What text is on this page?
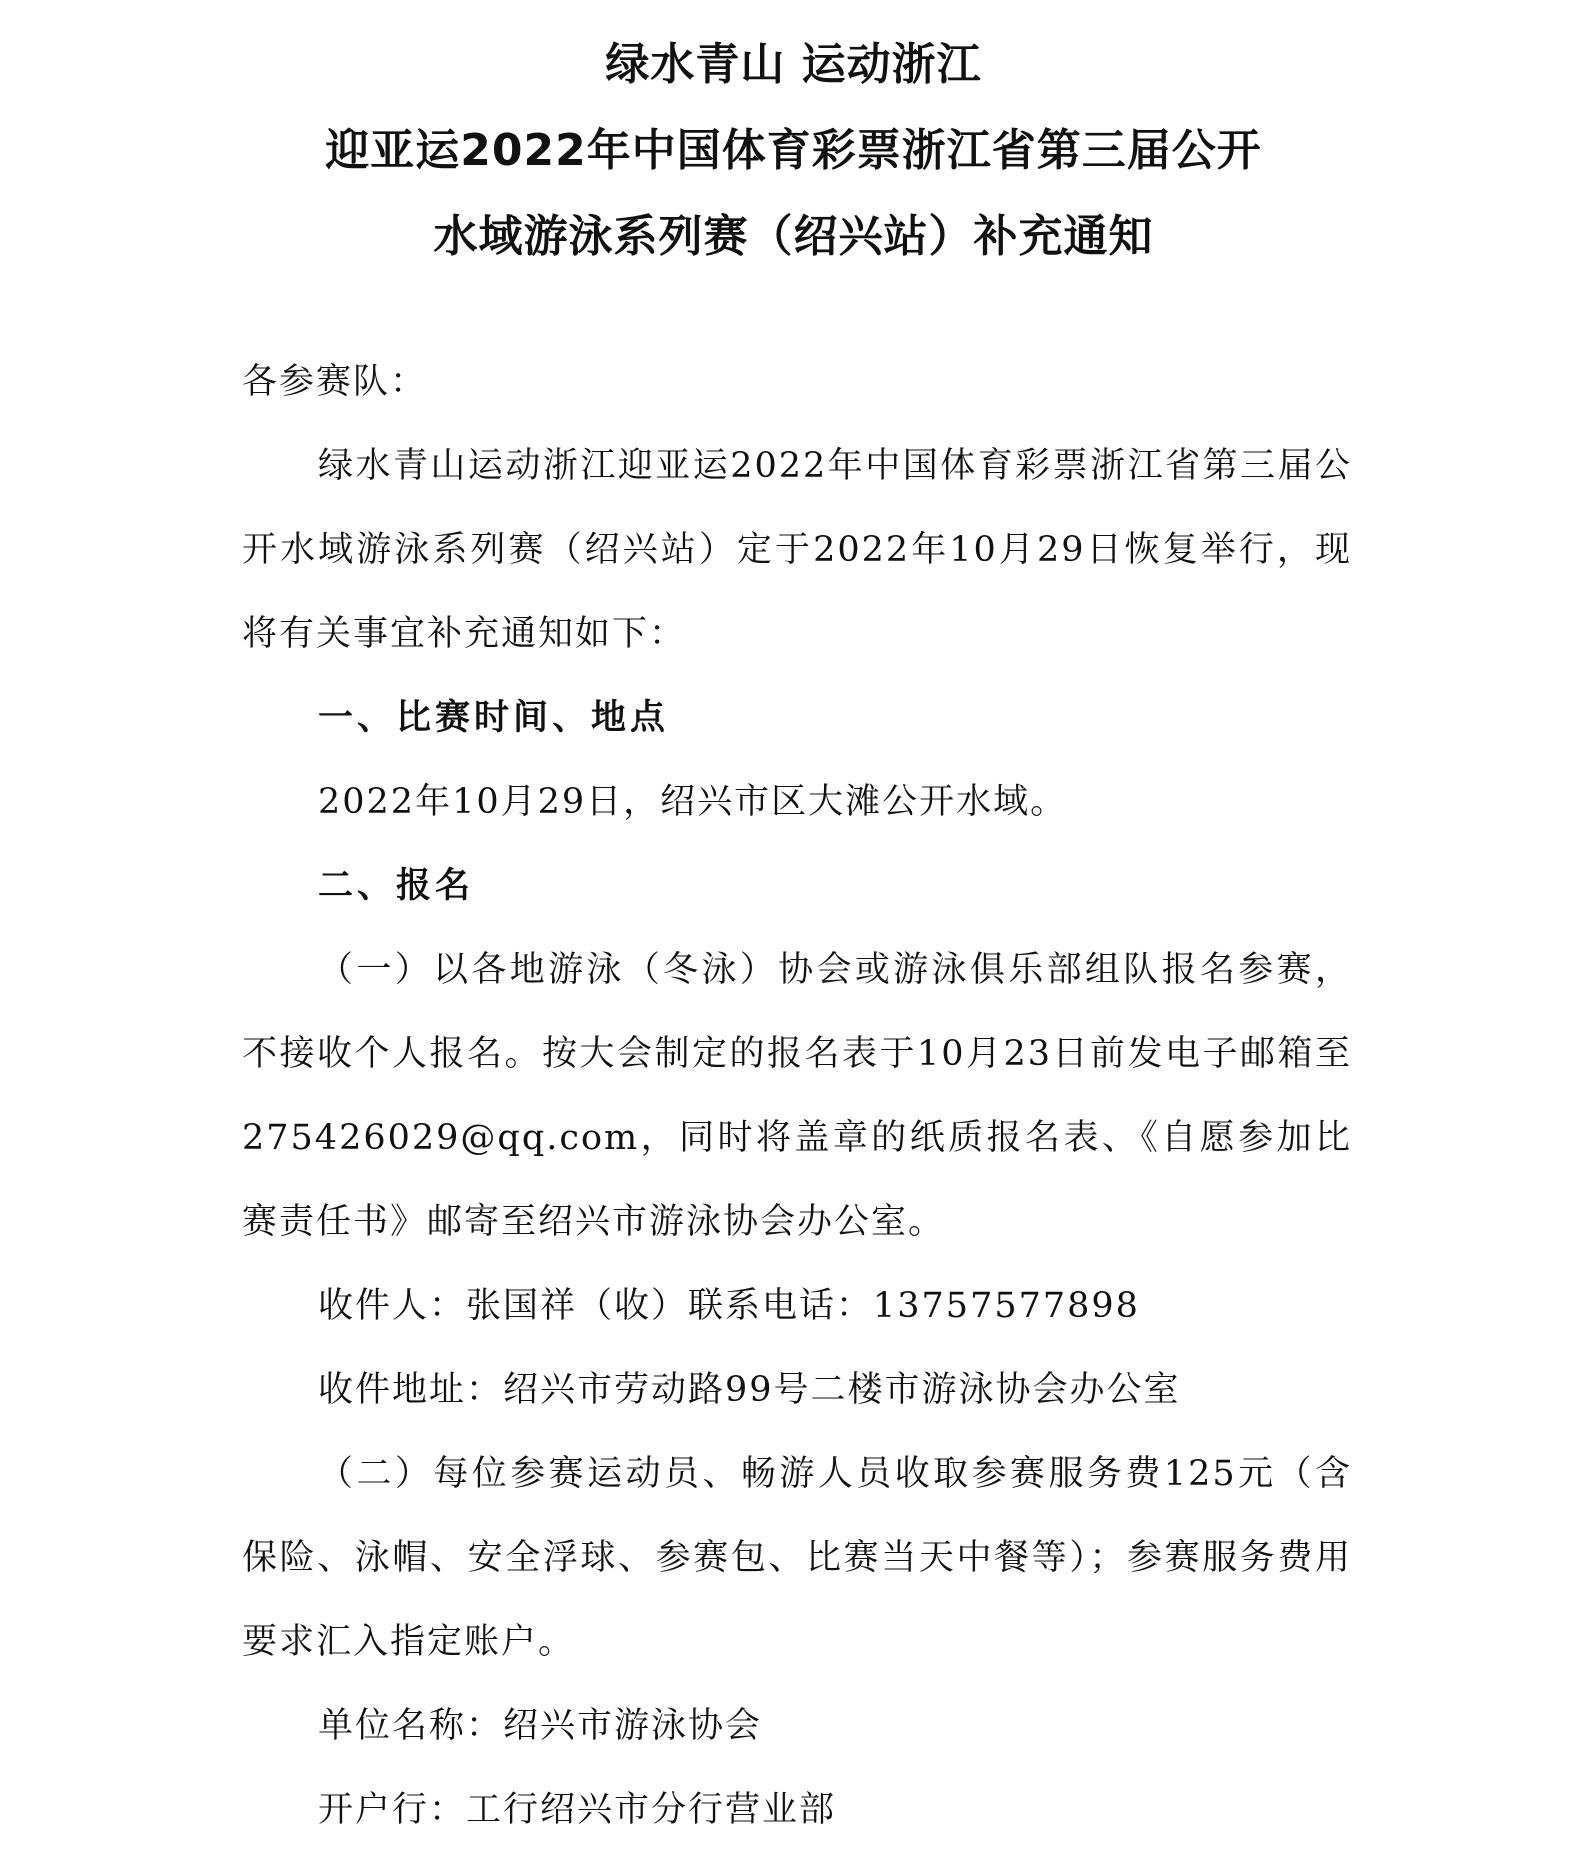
绿水青山 运动浙江
迎亚运2022年中国体育彩票浙江省第三届公开
水域游泳系列赛（绍兴站）补充通知

各参赛队：

绿水青山运动浙江迎亚运2022年中国体育彩票浙江省第三届公开水域游泳系列赛（绍兴站）定于2022年10月29日恢复举行，现将有关事宜补充通知如下：

一、比赛时间、地点

2022年10月29日，绍兴市区大滩公开水域。

二、报名

（一）以各地游泳（冬泳）协会或游泳俱乐部组队报名参赛，不接收个人报名。按大会制定的报名表于10月23日前发电子邮箱至275426029@qq.com，同时将盖章的纸质报名表、《自愿参加比赛责任书》邮寄至绍兴市游泳协会办公室。

收件人：张国祥（收）联系电话：13757577898

收件地址：绍兴市劳动路99号二楼市游泳协会办公室

（二）每位参赛运动员、畅游人员收取参赛服务费125元（含保险、泳帽、安全浮球、参赛包、比赛当天中餐等）；参赛服务费用要求汇入指定账户。

单位名称：绍兴市游泳协会

开户行：工行绍兴市分行营业部
